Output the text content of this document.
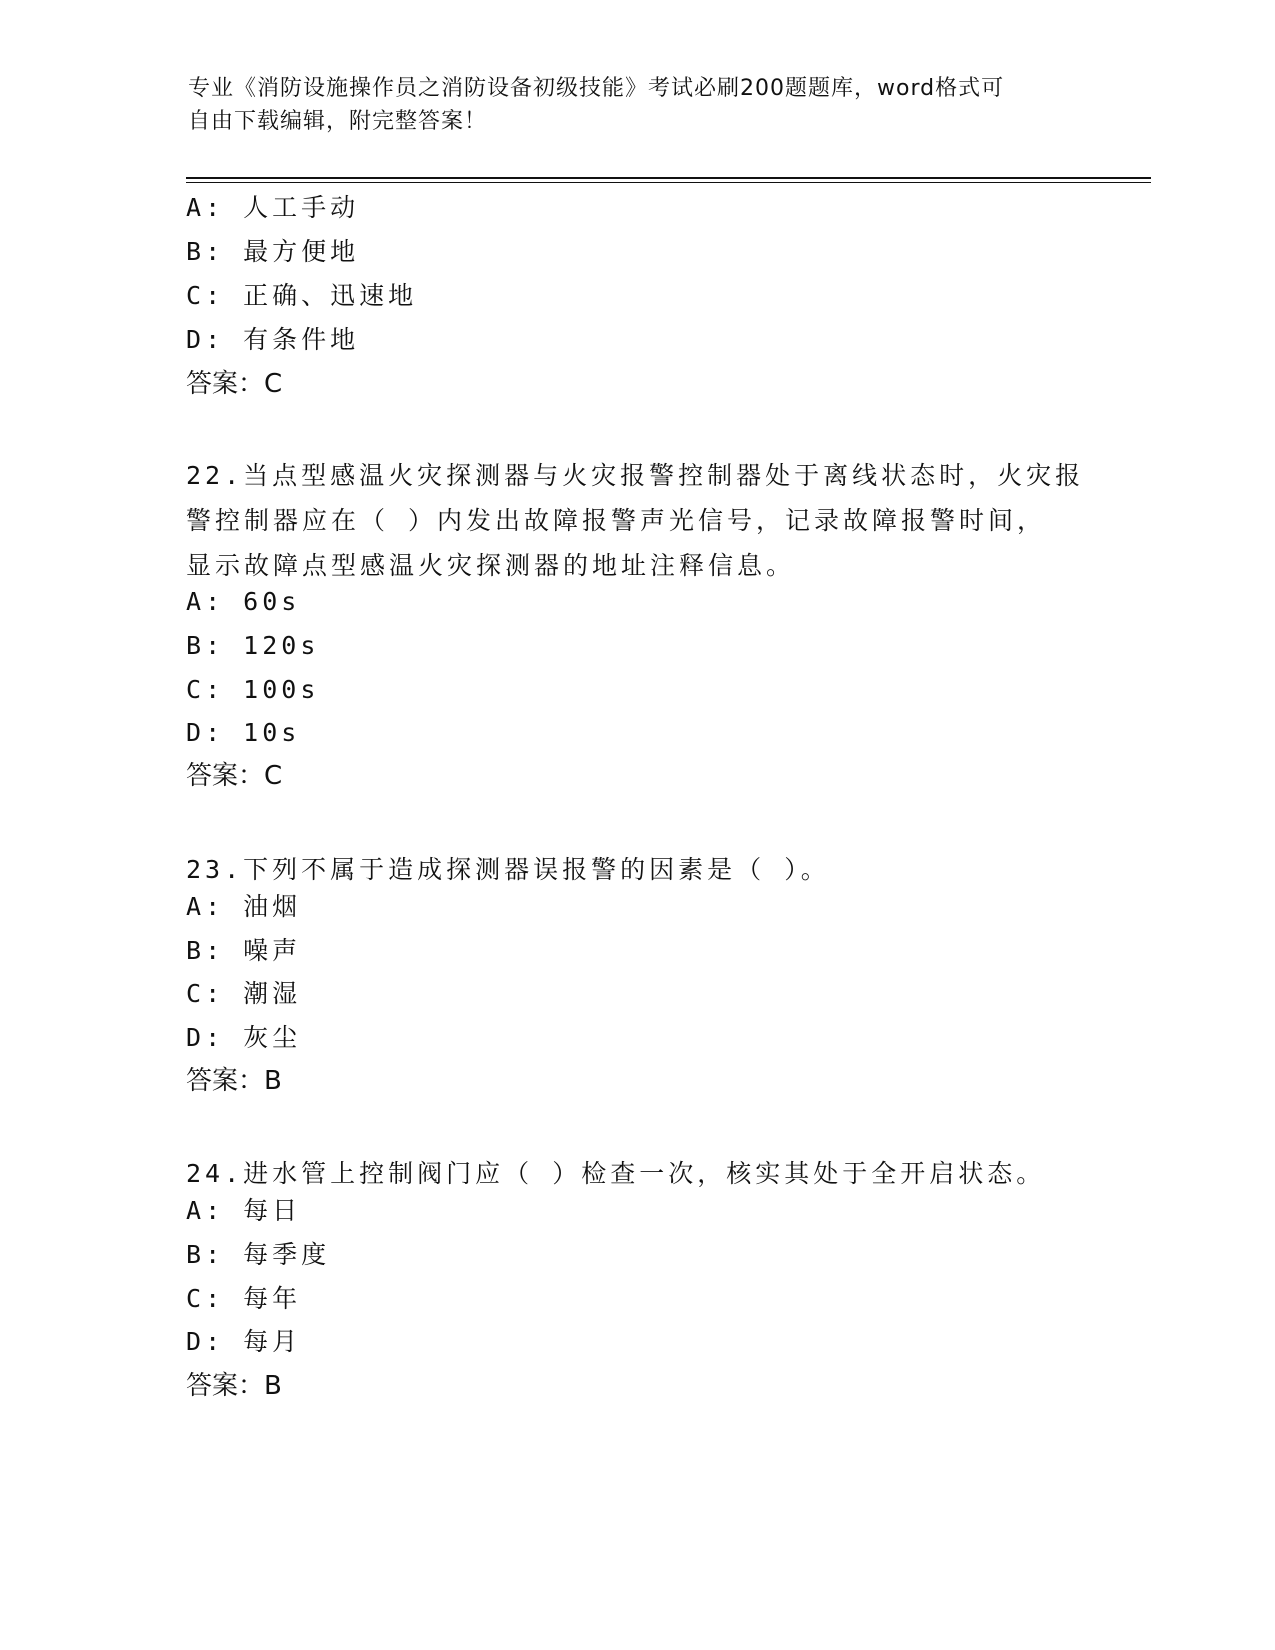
专业《消防设施操作员之消防设备初级技能》考试必刷200题题库，word格式可
自由下载编辑，附完整答案！
A: 人工手动
B: 最方便地
C: 正确、迅速地
D: 有条件地
答案：C
22.当点型感温火灾探测器与火灾报警控制器处于离线状态时，火灾报
警控制器应在（ ）内发出故障报警声光信号，记录故障报警时间，
显示故障点型感温火灾探测器的地址注释信息。
A: 60s
B: 120s
C: 100s
D: 10s
答案：C
23.下列不属于造成探测器误报警的因素是（ ）。
A: 油烟
B: 噪声
C: 潮湿
D: 灰尘
答案：B
24.进水管上控制阀门应（ ）检查一次，核实其处于全开启状态。
A: 每日
B: 每季度
C: 每年
D: 每月
答案：B
